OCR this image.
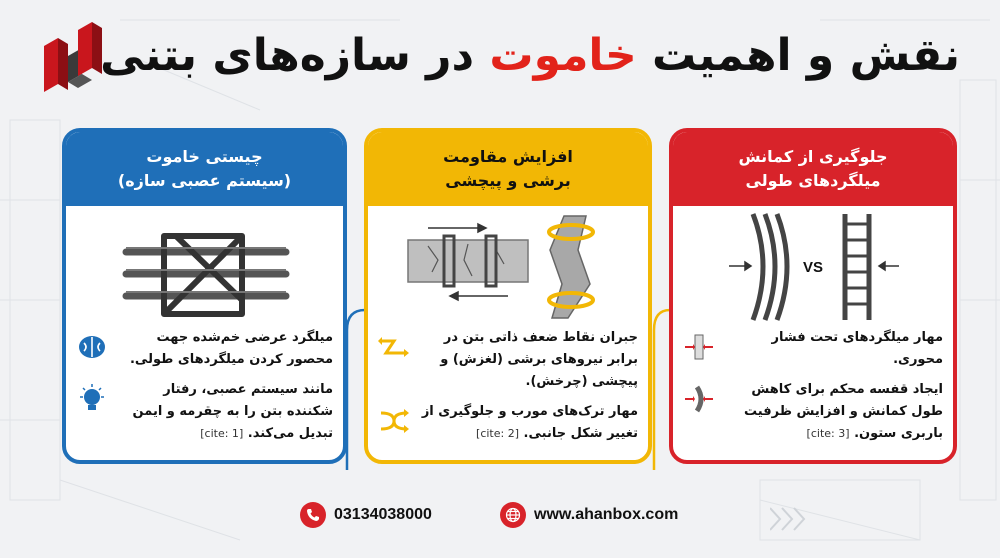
نقش و اهمیت خاموت در سازه‌های بتنی
چیستی خاموت
(سیستم عصبی سازه)
میلگرد عرضی خم‌شده جهت محصور کردن میلگردهای طولی.
مانند سیستم عصبی، رفتار شکننده بتن را به چقرمه و ایمن تبدیل می‌کند. [cite: 1]
افزایش مقاومت
برشی و پیچشی
جبران نقاط ضعف ذاتی بتن در برابر نیروهای برشی (لغزش) و پیچشی (چرخش).
مهار ترک‌های مورب و جلوگیری از تغییر شکل جانبی. [cite: 2]
جلوگیری از کمانش
میلگردهای طولی
VS
مهار میلگردهای تحت فشار محوری.
ایجاد قفسه محکم برای کاهش طول کمانش و افزایش ظرفیت باربری ستون. [cite: 3]
03134038000	www.ahanbox.com
